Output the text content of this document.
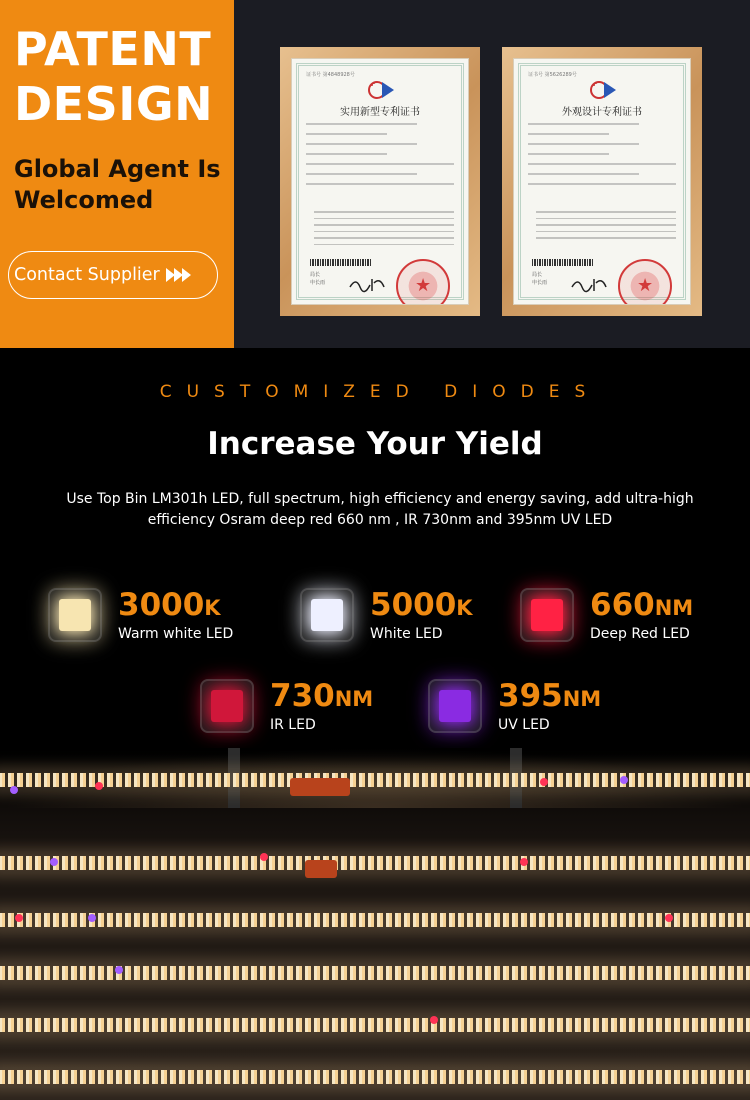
PATENT
DESIGN
Global Agent Is
Welcomed
Contact Supplier
证书号 第4848928号
实用新型专利证书
局长
申长雨
★
证书号 第5626289号
外观设计专利证书
局长
申长雨
★
CUSTOMIZED DIODES
Increase Your Yield
Use Top Bin LM301h LED, full spectrum, high efficiency and energy saving, add ultra-high efficiency Osram deep red 660 nm , IR 730nm and 395nm UV LED
3000K
Warm white LED
5000K
White LED
660NM
Deep Red LED
730NM
IR LED
395NM
UV LED
